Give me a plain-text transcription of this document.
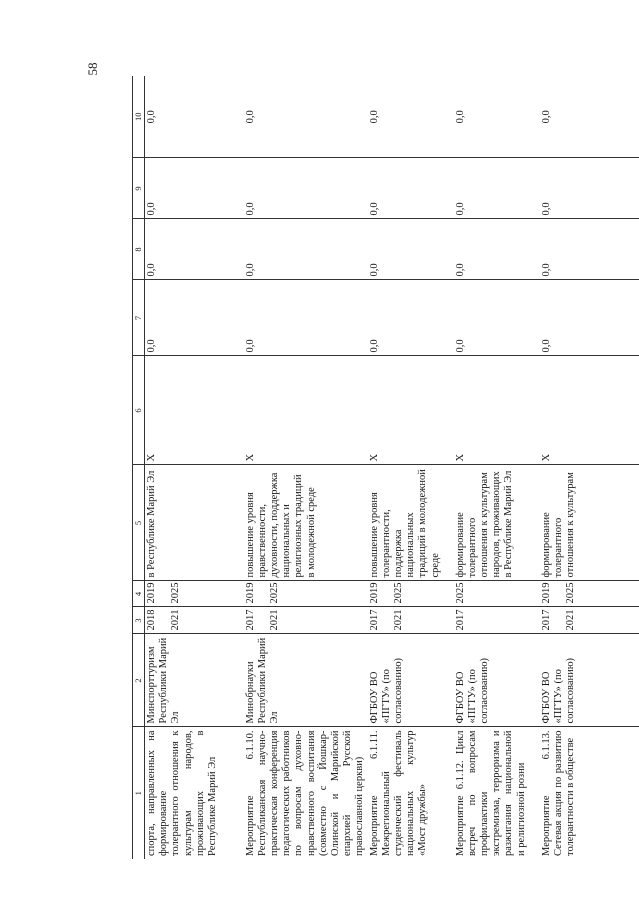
58
1	2	3	4	5	6	7	8	9	10
спорта, направленных на формирование толерантного отношения к культурам народов, проживающих в Республике Марий Эл	Минспорттуризм Республики Марий Эл	2018 2021	2019 2025	в Республике Марий Эл	X	0,0	0,0	0,0	0,0
Мероприятие 6.1.10. Республиканская научно-практическая конференция педагогических работников по вопросам духовно-нравственного воспитания (совместно с Йошкар-Олинской и Марийской епархией Русской православной церкви)	Минобрнауки Республики Марий Эл	2017 2021	2019 2025	повышение уровня нравственности, духовности, поддержка национальных и религиозных традиций в молодежной среде	X	0,0	0,0	0,0	0,0
Мероприятие 6.1.11. Межрегиональный студенческий фестиваль национальных культур «Мост дружбы»	ФГБОУ ВО «ПГТУ» (по согласованию)	2017 2021	2019 2025	повышение уровня толерантности, поддержка национальных традиций в молодежной среде	X	0,0	0,0	0,0	0,0
Мероприятие 6.1.12. Цикл встреч по вопросам профилактики экстремизма, терроризма и разжигания национальной и религиозной розни	ФГБОУ ВО «ПГТУ» (по согласованию)	2017	2025	формирование толерантного отношения к культурам народов, проживающих в Республике Марий Эл	X	0,0	0,0	0,0	0,0
Мероприятие 6.1.13. Сетевая акция по развитию толерантности в обществе	ФГБОУ ВО «ПГТУ» (по согласованию)	2017 2021	2019 2025	формирование толерантного отношения к культурам	X	0,0	0,0	0,0	0,0
